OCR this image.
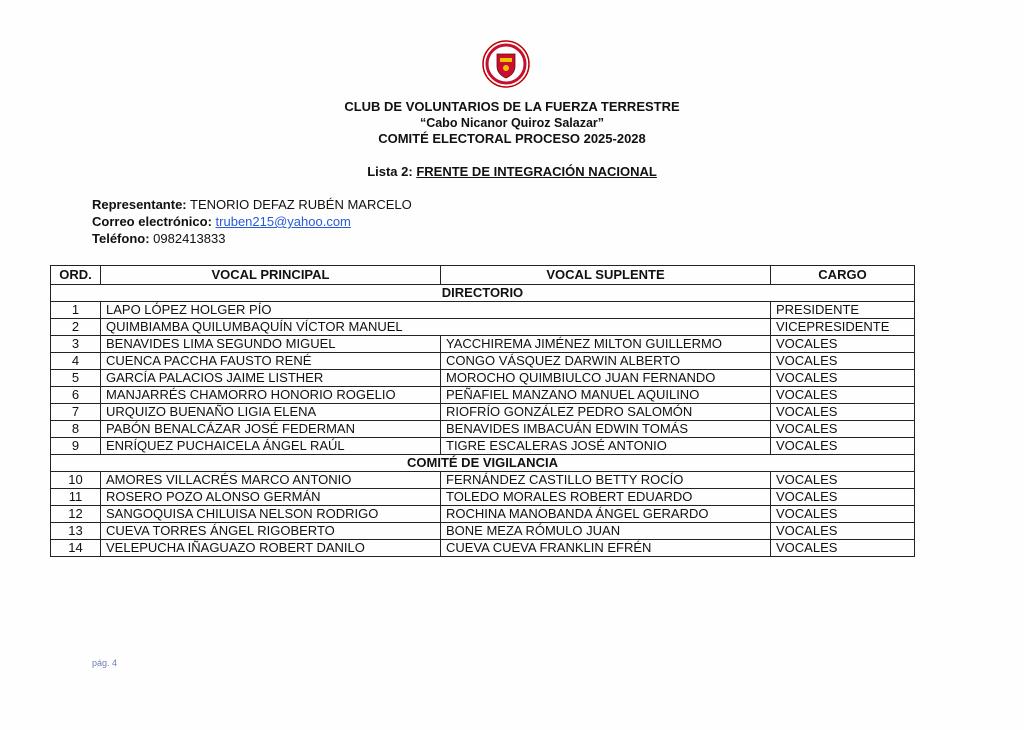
CLUB DE VOLUNTARIOS DE LA FUERZA TERRESTRE
“Cabo Nicanor Quiroz Salazar”
COMITÉ ELECTORAL PROCESO 2025-2028
Lista 2: FRENTE DE INTEGRACIÓN NACIONAL
Representante: TENORIO DEFAZ RUBÉN MARCELO
Correo electrónico: truben215@yahoo.com
Teléfono: 0982413833
ORD.	VOCAL PRINCIPAL	VOCAL SUPLENTE	CARGO
DIRECTORIO			
1	LAPO LÓPEZ HOLGER PÍO		PRESIDENTE
2	QUIMBIAMBA QUILUMBAQUÍN VÍCTOR MANUEL		VICEPRESIDENTE
3	BENAVIDES LIMA SEGUNDO MIGUEL	YACCHIREMA JIMÉNEZ MILTON GUILLERMO	VOCALES
4	CUENCA PACCHA FAUSTO RENÉ	CONGO VÁSQUEZ DARWIN ALBERTO	VOCALES
5	GARCÍA PALACIOS JAIME LISTHER	MOROCHO QUIMBIULCO JUAN FERNANDO	VOCALES
6	MANJARRÉS CHAMORRO HONORIO ROGELIO	PEÑAFIEL MANZANO MANUEL AQUILINO	VOCALES
7	URQUIZO BUENAÑO LIGIA ELENA	RIOFRÍO GONZÁLEZ PEDRO SALOMÓN	VOCALES
8	PABÓN BENALCÁZAR JOSÉ FEDERMAN	BENAVIDES IMBACUÁN EDWIN TOMÁS	VOCALES
9	ENRÍQUEZ PUCHAICELA ÁNGEL RAÚL	TIGRE ESCALERAS JOSÉ ANTONIO	VOCALES
COMITÉ DE VIGILANCIA			
10	AMORES VILLACRÉS MARCO ANTONIO	FERNÁNDEZ CASTILLO BETTY ROCÍO	VOCALES
11	ROSERO POZO ALONSO GERMÁN	TOLEDO MORALES ROBERT EDUARDO	VOCALES
12	SANGOQUISA CHILUISA NELSON RODRIGO	ROCHINA MANOBANDA ÁNGEL GERARDO	VOCALES
13	CUEVA TORRES ÁNGEL RIGOBERTO	BONE MEZA RÓMULO JUAN	VOCALES
14	VELEPUCHA IÑAGUAZO ROBERT DANILO	CUEVA CUEVA FRANKLIN EFRÉN	VOCALES
pág. 4
